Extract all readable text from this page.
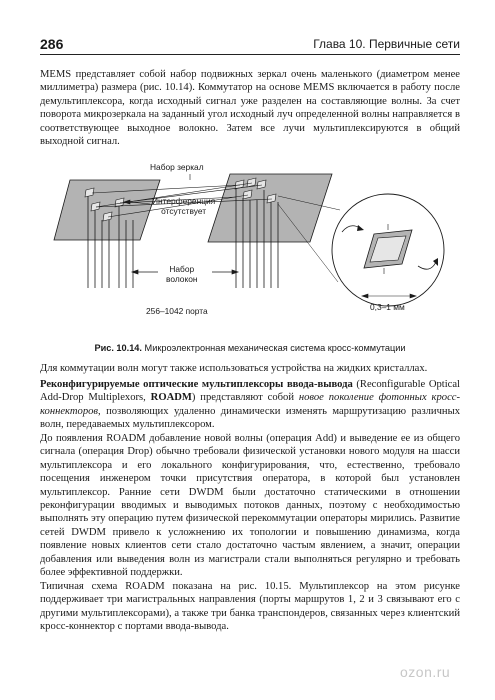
286	Глава 10. Первичные сети

MEMS представляет собой набор подвижных зеркал очень маленького (диаметром менее миллиметра) размера (рис. 10.14). Коммутатор на основе MEMS включается в работу после демультиплексора, когда исходный сигнал уже разделен на составляющие волны. За счет поворота микрозеркала на заданный угол исходный луч определенной волны направляется в соответствующее выходное волокно. Затем все лучи мультиплексируются в общий выходной сигнал.

Набор зеркал
Интерференция
отсутствует
Набор
волокон
256–1042 порта	0,3–1 мм
Рис. 10.14. Микроэлектронная механическая система кросс-коммутации

Для коммутации волн могут также использоваться устройства на жидких кристаллах.

Реконфигурируемые оптические мультиплексоры ввода-вывода (Reconfigurable Optical Add-Drop Multiplexors, ROADM) представляют собой новое поколение фотонных кросс-коннекторов, позволяющих удаленно динамически изменять маршрутизацию различных волн, передаваемых мультиплексором.

До появления ROADM добавление новой волны (операция Add) и выведение ее из общего сигнала (операция Drop) обычно требовали физической установки нового модуля на шасси мультиплексора и его локального конфигурирования, что, естественно, требовало посещения инженером точки присутствия оператора, в которой был установлен мультиплексор. Ранние сети DWDM были достаточно статическими в отношении реконфигурации вводимых и выводимых потоков данных, поэтому с необходимостью выполнять эту операцию путем физической перекоммутации операторы мирились. Развитие сетей DWDM привело к усложнению их топологии и повышению динамизма, когда появление новых клиентов сети стало достаточно частым явлением, а значит, операции добавления или выведения волн из магистрали стали выполняться регулярно и требовать более эффективной поддержки.

Типичная схема ROADM показана на рис. 10.15. Мультиплексор на этом рисунке поддерживает три магистральных направления (порты маршрутов 1, 2 и 3 связывают его с другими мультиплексорами), а также три банка транспондеров, связанных через клиентский кросс-коннектор с портами ввода-вывода.

ozon.ru
